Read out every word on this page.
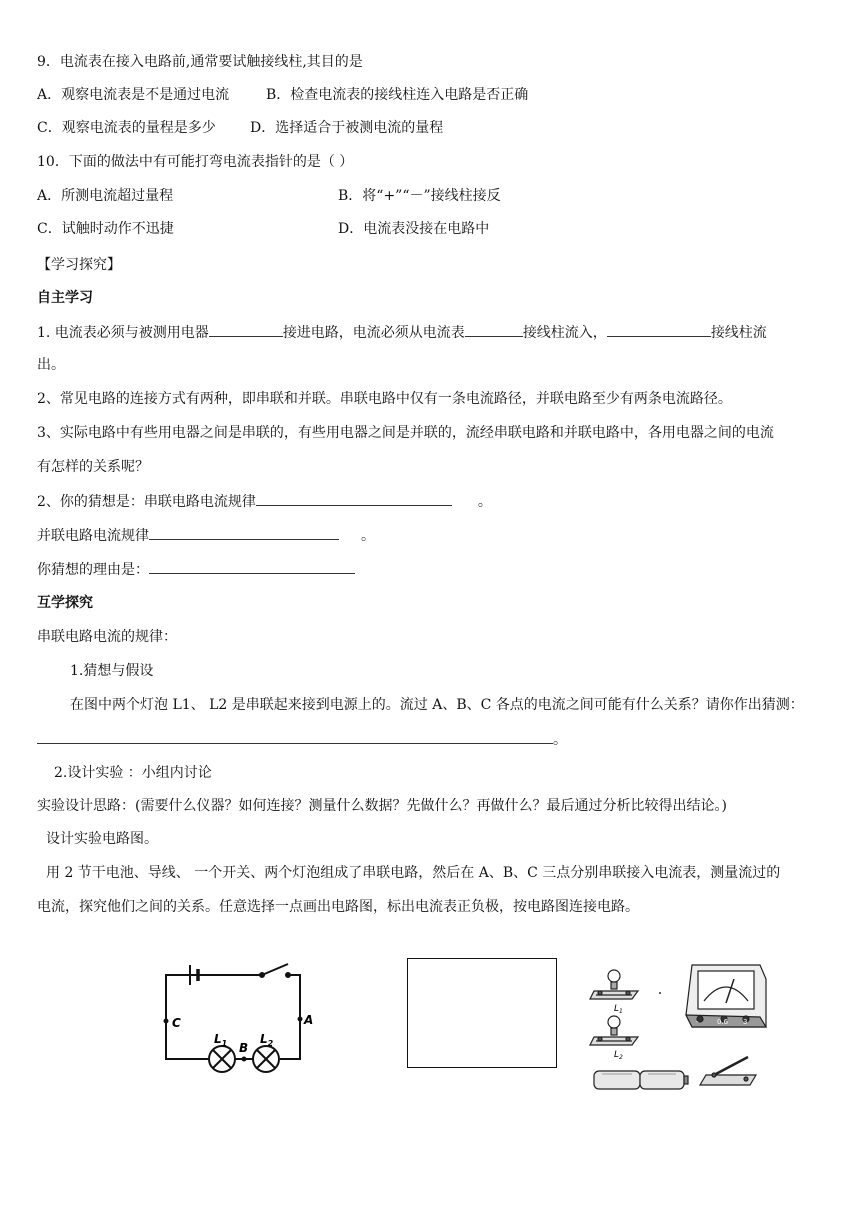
9．电流表在接入电路前,通常要试触接线柱,其目的是
A．观察电流表是不是通过电流	B．检查电流表的接线柱连入电路是否正确
C．观察电流表的量程是多少 D．选择适合于被测电流的量程
10．下面的做法中有可能打弯电流表指针的是（ ）
A．所测电流超过量程	B．将“+”“－”接线柱接反
C．试触时动作不迅捷	D．电流表没接在电路中
【学习探究】
自主学习
1. 电流表必须与被测用电器	接进电路，电流必须从电流表	接线柱流入，	接线柱流
出。
2、常见电路的连接方式有两种，即串联和并联。串联电路中仅有一条电流路径，并联电路至少有两条电流路径。
3、实际电路中有些用电器之间是串联的，有些用电器之间是并联的，流经串联电路和并联电路中，各用电器之间的电流
有怎样的关系呢？
2、你的猜想是：串联电路电流规律	。
并联电路电流规律	。
你猜想的理由是：
互学探究
串联电路电流的规律：
1.猜想与假设
在图中两个灯泡 L1、 L2 是串联起来接到电源上的。流过 A、B、C 各点的电流之间可能有什么关系？请你作出猜测：
。
2.设计实验 ：小组内讨论
实验设计思路：(需要什么仪器？如何连接？测量什么数据？先做什么？再做什么？最后通过分析比较得出结论。)
设计实验电路图。
用 2 节干电池、导线、 一个开关、两个灯泡组成了串联电路，然后在 A、B、C 三点分别串联接入电流表，测量流过的
电流，探究他们之间的关系。任意选择一点画出电路图，标出电流表正负极，按电路图连接电路。
C	A
B
$L_1$	$L_2$
$L_1$
$L_2$
-	0.6 3
